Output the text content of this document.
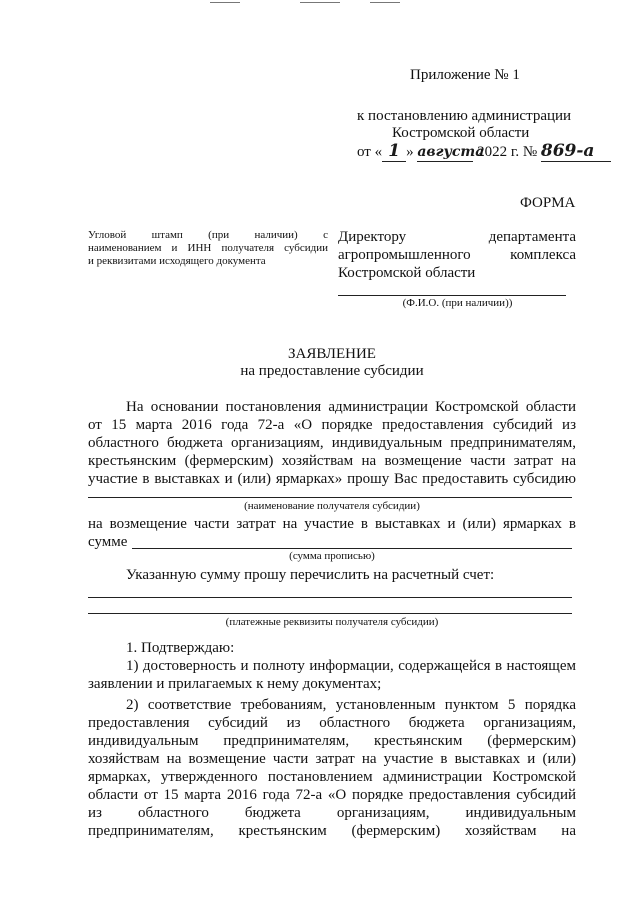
Приложение № 1
к постановлению администрации
Костромской области
от « 1 » августа 2022 г. № 869-а
ФОРМА
Угловой штамп (при наличии) с
наименованием и ИНН получателя субсидии
и реквизитами исходящего документа
Директору департамента
агропромышленного комплекса
Костромской области
(Ф.И.О. (при наличии))
ЗАЯВЛЕНИЕ
на предоставление субсидии
На основании постановления администрации Костромской области
от 15 марта 2016 года 72-а «О порядке предоставления субсидий из
областного бюджета организациям, индивидуальным предпринимателям,
крестьянским (фермерским) хозяйствам на возмещение части затрат на
участие в выставках и (или) ярмарках» прошу Вас предоставить субсидию
(наименование получателя субсидии)
на возмещение части затрат на участие в выставках и (или) ярмарках в
сумме
(сумма прописью)
Указанную сумму прошу перечислить на расчетный счет:
(платежные реквизиты получателя субсидии)
1. Подтверждаю:
1) достоверность и полноту информации, содержащейся в настоящем
заявлении и прилагаемых к нему документах;
2) соответствие требованиям, установленным пунктом 5 порядка
предоставления субсидий из областного бюджета организациям,
индивидуальным предпринимателям, крестьянским (фермерским)
хозяйствам на возмещение части затрат на участие в выставках и (или)
ярмарках, утвержденного постановлением администрации Костромской
области от 15 марта 2016 года 72-а «О порядке предоставления субсидий
из областного бюджета организациям, индивидуальным
предпринимателям, крестьянским (фермерским) хозяйствам на
